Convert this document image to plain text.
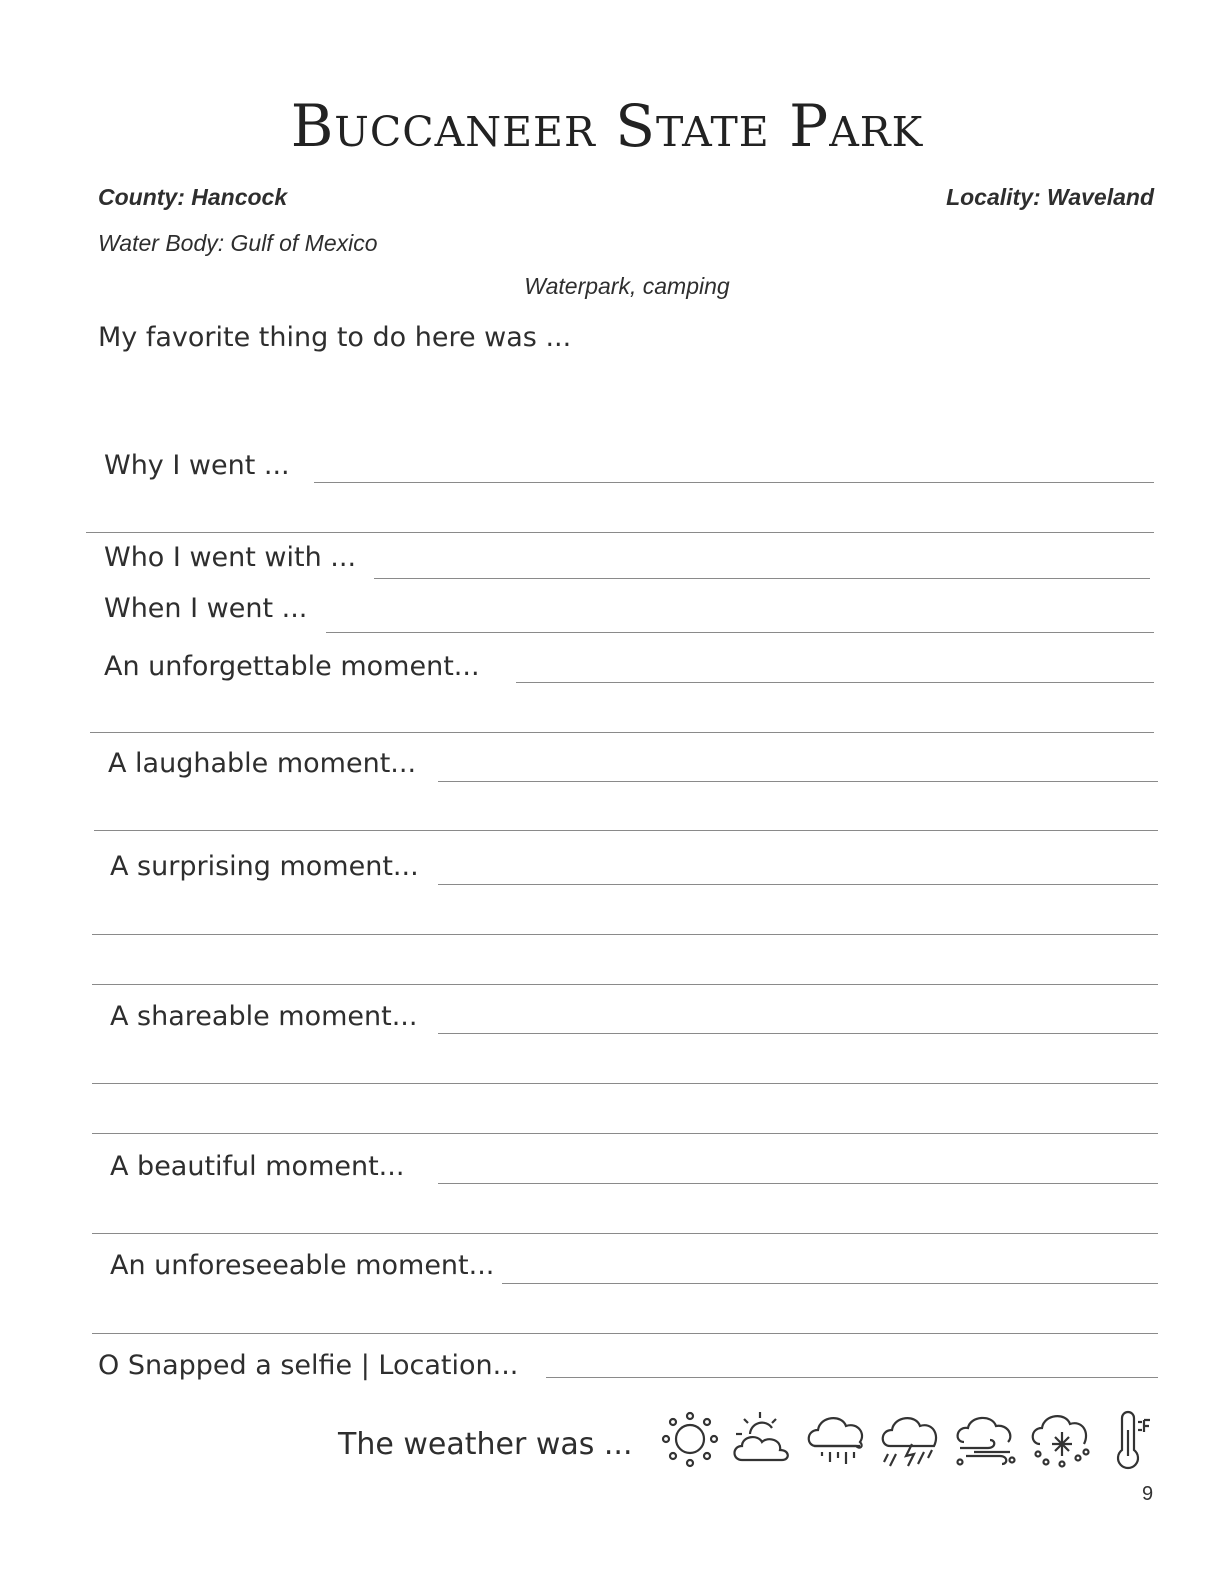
Buccaneer State Park
County: Hancock	Locality: Waveland
Water Body: Gulf of Mexico
Waterpark, camping
My favorite thing to do here was ...
Why I went ...
Who I went with ...
When I went ...
An unforgettable moment...
A laughable moment...
A surprising moment...
A shareable moment...
A beautiful moment...
An unforeseeable moment...
O Snapped a selfie | Location...
The weather was ...
9
